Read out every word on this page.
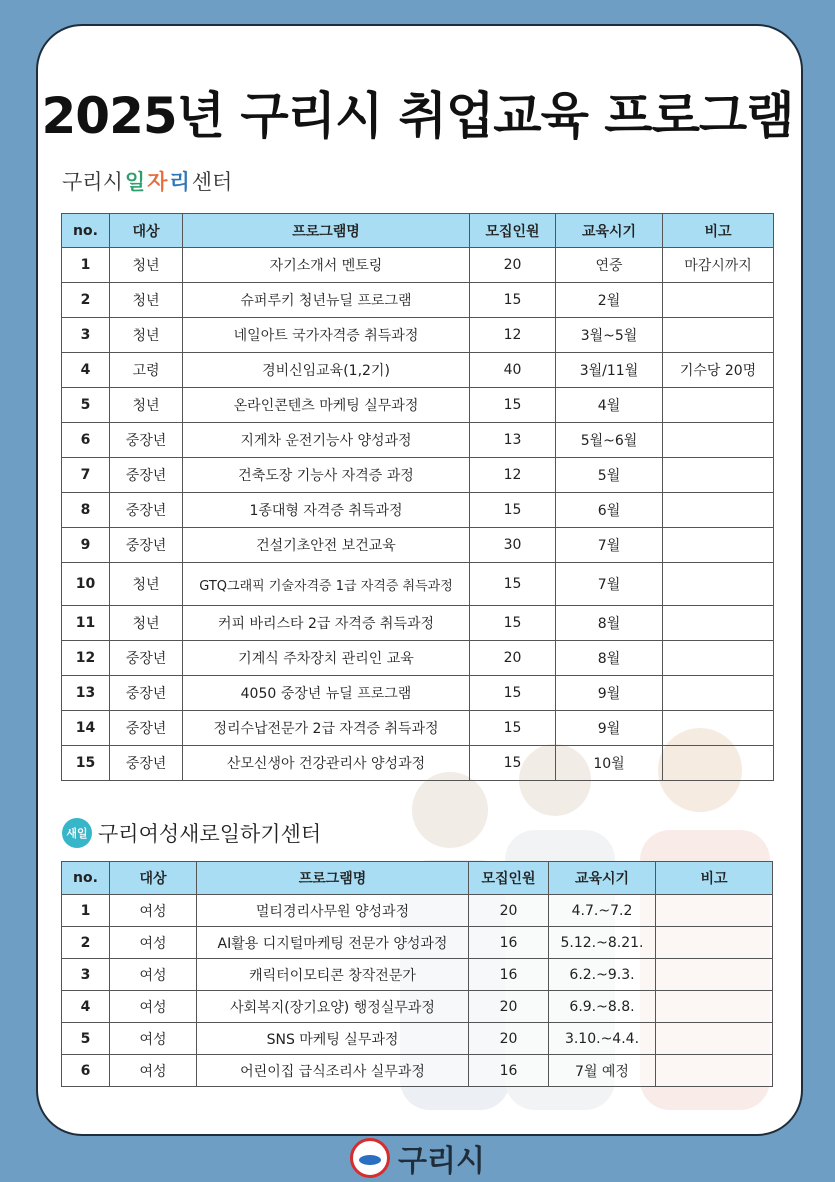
2025년 구리시 취업교육 프로그램
구리시 일 자 리 센터
no.	대상	프로그램명	모집인원	교육시기	비고
1	청년	자기소개서 멘토링	20	연중	마감시까지
2	청년	슈퍼루키 청년뉴딜 프로그램	15	2월	
3	청년	네일아트 국가자격증 취득과정	12	3월~5월	
4	고령	경비신임교육(1,2기)	40	3월/11월	기수당 20명
5	청년	온라인콘텐츠 마케팅 실무과정	15	4월	
6	중장년	지게차 운전기능사 양성과정	13	5월~6월	
7	중장년	건축도장 기능사 자격증 과정	12	5월	
8	중장년	1종대형 자격증 취득과정	15	6월	
9	중장년	건설기초안전 보건교육	30	7월	
10	청년	GTQ그래픽 기술자격증 1급 자격증 취득과정	15	7월	
11	청년	커피 바리스타 2급 자격증 취득과정	15	8월	
12	중장년	기계식 주차장치 관리인 교육	20	8월	
13	중장년	4050 중장년 뉴딜 프로그램	15	9월	
14	중장년	정리수납전문가 2급 자격증 취득과정	15	9월	
15	중장년	산모신생아 건강관리사 양성과정	15	10월	
새일 구리여성새로일하기센터
no.	대상	프로그램명	모집인원	교육시기	비고
1	여성	멀티경리사무원 양성과정	20	4.7.~7.2	
2	여성	AI활용 디지털마케팅 전문가 양성과정	16	5.12.~8.21.	
3	여성	캐릭터이모티콘 창작전문가	16	6.2.~9.3.	
4	여성	사회복지(장기요양) 행정실무과정	20	6.9.~8.8.	
5	여성	SNS 마케팅 실무과정	20	3.10.~4.4.	
6	여성	어린이집 급식조리사 실무과정	16	7월 예정	
구리시
